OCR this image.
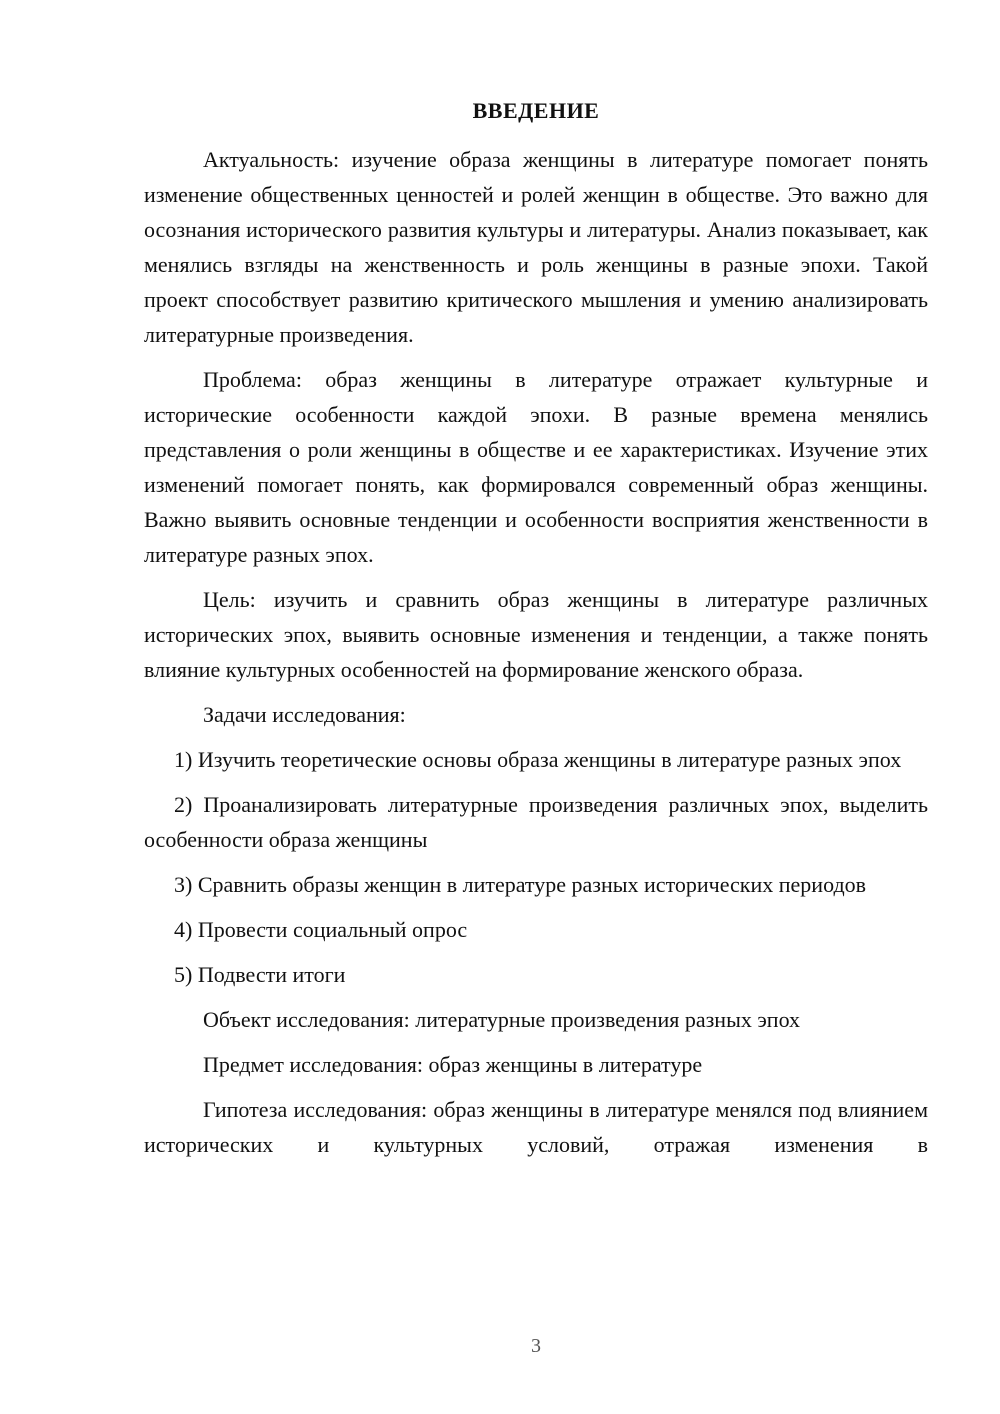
ВВЕДЕНИЕ

Актуальность: изучение образа женщины в литературе помогает понять изменение общественных ценностей и ролей женщин в обществе. Это важно для осознания исторического развития культуры и литературы. Анализ показывает, как менялись взгляды на женственность и роль женщины в разные эпохи. Такой проект способствует развитию критического мышления и умению анализировать литературные произведения.

Проблема: образ женщины в литературе отражает культурные и исторические особенности каждой эпохи. В разные времена менялись представления о роли женщины в обществе и ее характеристиках. Изучение этих изменений помогает понять, как формировался современный образ женщины. Важно выявить основные тенденции и особенности восприятия женственности в литературе разных эпох.

Цель: изучить и сравнить образ женщины в литературе различных исторических эпох, выявить основные изменения и тенденции, а также понять влияние культурных особенностей на формирование женского образа.

Задачи исследования:

1) Изучить теоретические основы образа женщины в литературе разных эпох

2) Проанализировать литературные произведения различных эпох, выделить особенности образа женщины

3) Сравнить образы женщин в литературе разных исторических периодов

4) Провести социальный опрос

5) Подвести итоги

Объект исследования: литературные произведения разных эпох

Предмет исследования: образ женщины в литературе

Гипотеза исследования: образ женщины в литературе менялся под влиянием исторических и культурных условий, отражая изменения в

3
